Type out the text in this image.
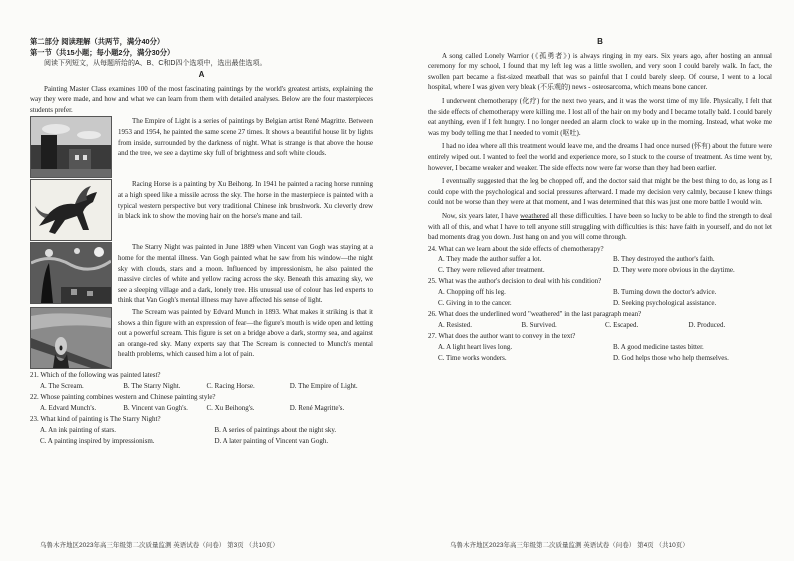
第二部分 阅读理解（共两节，满分40分）

第一节（共15小题；每小题2分，满分30分）

阅读下列短文，从每题所给的A、B、C和D四个选项中，选出最佳选项。

A

Painting Master Class examines 100 of the most fascinating paintings by the world's greatest artists, explaining the way they were made, and how and what we can learn from them with detailed analyses. Below are the four masterpieces students prefer.

The Empire of Light is a series of paintings by Belgian artist René Magritte. Between 1953 and 1954, he painted the same scene 27 times. It shows a beautiful house lit by lights from inside, surrounded by the darkness of night. What is strange is that above the house and the tree, we see a daytime sky full of brightness and soft white clouds.

Racing Horse is a painting by Xu Beihong. In 1941 he painted a racing horse running at a high speed like a missile across the sky. The horse in the masterpiece is painted with a typical western perspective but very traditional Chinese ink brushwork. Xu cleverly drew in black ink to show the moving hair on the horse's mane and tail.

The Starry Night was painted in June 1889 when Vincent van Gogh was staying at a home for the mental illness. Van Gogh painted what he saw from his window—the night sky with clouds, stars and a moon. Influenced by impressionism, he also painted the massive circles of white and yellow racing across the sky. Beneath this amazing sky, we see a sleeping village and a dark, lonely tree. His unusual use of colour has led experts to think that Van Gogh's mental illness may have affected his sense of light.

The Scream was painted by Edvard Munch in 1893. What makes it striking is that it shows a thin figure with an expression of fear—the figure's mouth is wide open and letting out a powerful scream. This figure is set on a bridge above a dark, stormy sea, and against an orange-red sky. Many experts say that The Scream is connected to Munch's mental health problems, which caused him a lot of pain.

21. Which of the following was painted latest?

A. The Scream.	B. The Starry Night.	C. Racing Horse.	D. The Empire of Light.

22. Whose painting combines western and Chinese painting style?

A. Edvard Munch's.	B. Vincent van Gogh's.	C. Xu Beihong's.	D. René Magritte's.

23. What kind of painting is The Starry Night?

A. An ink painting of stars.	B. A series of paintings about the night sky.
C. A painting inspired by impressionism.	D. A later painting of Vincent van Gogh.
B

A song called Lonely Warrior (《孤勇者》) is always ringing in my ears. Six years ago, after hosting an annual ceremony for my school, I found that my left leg was a little swollen, and very soon I could barely walk. In fact, the swollen part became a fist-sized meatball that was so painful that I could barely sleep. Of course, I went to a local hospital, where I was given very bleak (不乐观的) news - osteosarcoma, which means bone cancer.

I underwent chemotherapy (化疗) for the next two years, and it was the worst time of my life. Physically, I felt that the side effects of chemotherapy were killing me. I lost all of the hair on my body and I became totally bald. I could barely eat anything, even if I felt hungry. I no longer needed an alarm clock to wake up in the morning. Instead, what woke me was my body telling me that I needed to vomit (呕吐).

I had no idea where all this treatment would leave me, and the dreams I had once nursed (怀有) about the future were entirely wiped out. I wanted to feel the world and experience more, so I stuck to the course of treatment. As time went by, however, I became weaker and weaker. The side effects now were far worse than they had been earlier.

I eventually suggested that the leg be chopped off, and the doctor said that might be the best thing to do, as long as I could cope with the psychological and social pressures afterward. I made my decision very calmly, because I knew things could not be worse than they were at that moment, and I was determined that this was just one more battle I would win.

Now, six years later, I have weathered all these difficulties. I have been so lucky to be able to find the strength to deal with all of this, and what I have to tell anyone still struggling with difficulties is this: have faith in yourself, and do not let bad moments drag you down. Just hang on and you will come through.

24. What can we learn about the side effects of chemotherapy?

A. They made the author suffer a lot.	B. They destroyed the author's faith.
C. They were relieved after treatment.	D. They were more obvious in the daytime.

25. What was the author's decision to deal with his condition?

A. Chopping off his leg.	B. Turning down the doctor's advice.
C. Giving in to the cancer.	D. Seeking psychological assistance.

26. What does the underlined word "weathered" in the last paragraph mean?

A. Resisted.	B. Survived.	C. Escaped.	D. Produced.

27. What does the author want to convey in the text?

A. A light heart lives long.	B. A good medicine tastes bitter.
C. Time works wonders.	D. God helps those who help themselves.
乌鲁木齐地区2023年高三年级第二次质量监测 英语试卷（问卷） 第3页 （共10页）	乌鲁木齐地区2023年高三年级第二次质量监测 英语试卷（问卷） 第4页 （共10页）
